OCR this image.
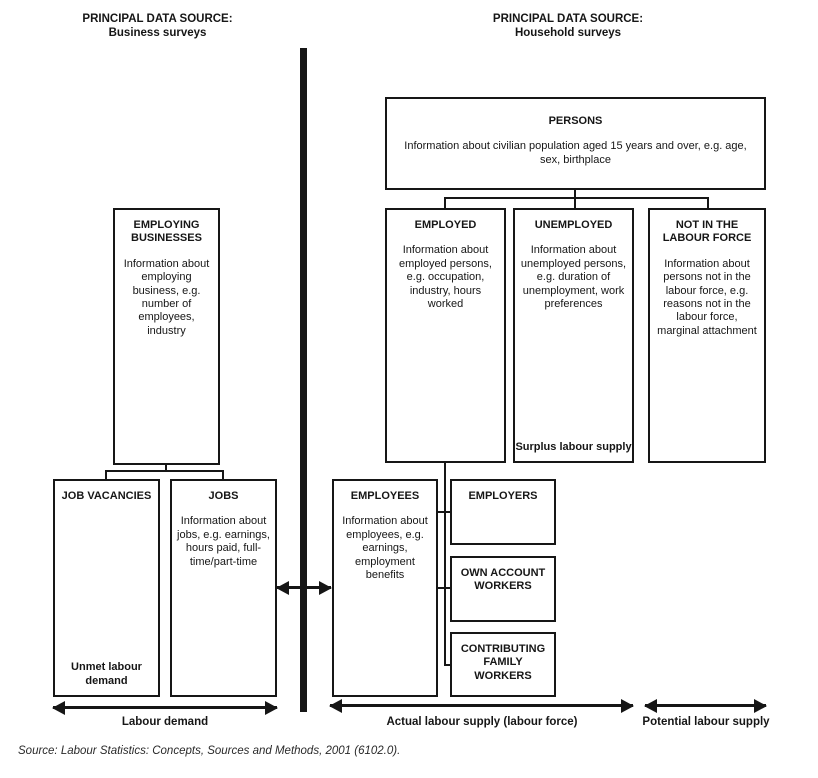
PRINCIPAL DATA SOURCE:
Business surveys
PRINCIPAL DATA SOURCE:
Household surveys
PERSONS
Information about civilian population aged 15 years and over, e.g. age, sex, birthplace
EMPLOYING BUSINESSES
Information about employing business, e.g. number of employees, industry
EMPLOYED
Information about employed persons, e.g. occupation, industry, hours worked
UNEMPLOYED
Information about unemployed persons, e.g. duration of unemployment, work preferences
Surplus labour supply
NOT IN THE LABOUR FORCE
Information about persons not in the labour force, e.g. reasons not in the labour force, marginal attachment
JOB VACANCIES
Unmet labour demand
JOBS
Information about jobs, e.g. earnings, hours paid, full-time/part-time
EMPLOYEES
Information about employees, e.g. earnings, employment benefits
EMPLOYERS
OWN ACCOUNT WORKERS
CONTRIBUTING FAMILY WORKERS
Labour demand	Actual labour supply (labour force)	Potential labour supply
Source: Labour Statistics: Concepts, Sources and Methods, 2001 (6102.0).
